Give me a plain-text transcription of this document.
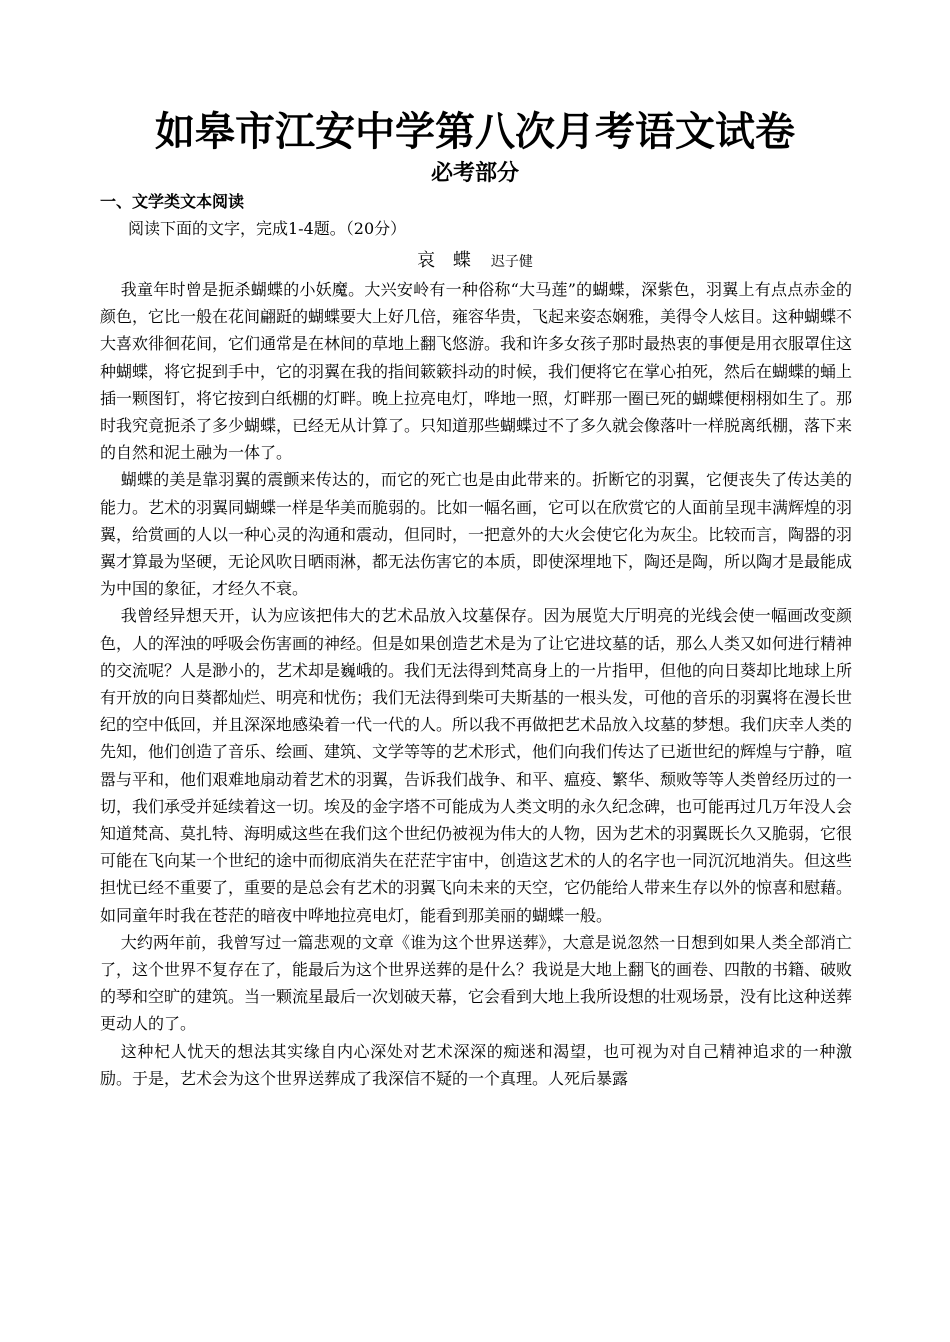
如皋市江安中学第八次月考语文试卷
必考部分
一、文学类文本阅读
阅读下面的文字，完成1-4题。（20分）
哀 蝶 迟子健

我童年时曾是扼杀蝴蝶的小妖魔。大兴安岭有一种俗称“大马莲”的蝴蝶，深紫色，羽翼上有点点赤金的颜色，它比一般在花间翩跹的蝴蝶要大上好几倍，雍容华贵，飞起来姿态娴雅，美得令人炫目。这种蝴蝶不大喜欢徘徊花间，它们通常是在林间的草地上翻飞悠游。我和许多女孩子那时最热衷的事便是用衣服罩住这种蝴蝶，将它捉到手中，它的羽翼在我的指间簌簌抖动的时候，我们便将它在掌心拍死，然后在蝴蝶的蛹上插一颗图钉，将它按到白纸棚的灯畔。晚上拉亮电灯，哗地一照，灯畔那一圈已死的蝴蝶便栩栩如生了。那时我究竟扼杀了多少蝴蝶，已经无从计算了。只知道那些蝴蝶过不了多久就会像落叶一样脱离纸棚，落下来的自然和泥土融为一体了。

蝴蝶的美是靠羽翼的震颤来传达的，而它的死亡也是由此带来的。折断它的羽翼，它便丧失了传达美的能力。艺术的羽翼同蝴蝶一样是华美而脆弱的。比如一幅名画，它可以在欣赏它的人面前呈现丰满辉煌的羽翼，给赏画的人以一种心灵的沟通和震动，但同时，一把意外的大火会使它化为灰尘。比较而言，陶器的羽翼才算最为坚硬，无论风吹日晒雨淋，都无法伤害它的本质，即使深埋地下，陶还是陶，所以陶才是最能成为中国的象征，才经久不衰。

我曾经异想天开，认为应该把伟大的艺术品放入坟墓保存。因为展览大厅明亮的光线会使一幅画改变颜色，人的浑浊的呼吸会伤害画的神经。但是如果创造艺术是为了让它进坟墓的话，那么人类又如何进行精神的交流呢？人是渺小的，艺术却是巍峨的。我们无法得到梵高身上的一片指甲，但他的向日葵却比地球上所有开放的向日葵都灿烂、明亮和忧伤；我们无法得到柴可夫斯基的一根头发，可他的音乐的羽翼将在漫长世纪的空中低回，并且深深地感染着一代一代的人。所以我不再做把艺术品放入坟墓的梦想。我们庆幸人类的先知，他们创造了音乐、绘画、建筑、文学等等的艺术形式，他们向我们传达了已逝世纪的辉煌与宁静，喧嚣与平和，他们艰难地扇动着艺术的羽翼，告诉我们战争、和平、瘟疫、繁华、颓败等等人类曾经历过的一切，我们承受并延续着这一切。埃及的金字塔不可能成为人类文明的永久纪念碑，也可能再过几万年没人会知道梵高、莫扎特、海明威这些在我们这个世纪仍被视为伟大的人物，因为艺术的羽翼既长久又脆弱，它很可能在飞向某一个世纪的途中而彻底消失在茫茫宇宙中，创造这艺术的人的名字也一同沉沉地消失。但这些担忧已经不重要了，重要的是总会有艺术的羽翼飞向未来的天空，它仍能给人带来生存以外的惊喜和慰藉。如同童年时我在苍茫的暗夜中哗地拉亮电灯，能看到那美丽的蝴蝶一般。

大约两年前，我曾写过一篇悲观的文章《谁为这个世界送葬》，大意是说忽然一日想到如果人类全部消亡了，这个世界不复存在了，能最后为这个世界送葬的是什么？我说是大地上翻飞的画卷、四散的书籍、破败的琴和空旷的建筑。当一颗流星最后一次划破天幕，它会看到大地上我所设想的壮观场景，没有比这种送葬更动人的了。

这种杞人忧天的想法其实缘自内心深处对艺术深深的痴迷和渴望，也可视为对自己精神追求的一种激励。于是，艺术会为这个世界送葬成了我深信不疑的一个真理。人死后暴露
